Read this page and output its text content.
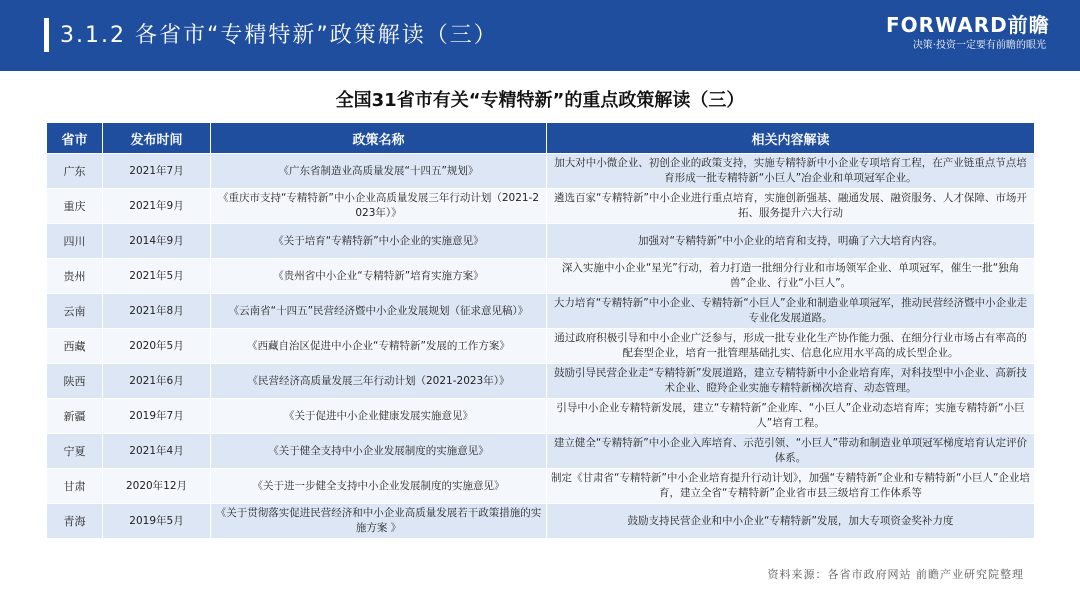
3.1.2 各省市“专精特新”政策解读（三）	FORWARD前瞻
决策·投资一定要有前瞻的眼光
全国31省市有关“专精特新”的重点政策解读（三）
省市	发布时间	政策名称	相关内容解读
广东	2021年7月	《广东省制造业高质量发展“十四五”规划》	加大对中小微企业、初创企业的政策支持，实施专精特新中小企业专项培育工程，在产业链重点节点培育形成一批专精特新“小巨人”冶企业和单项冠军企业。
重庆	2021年9月	《重庆市支持“专精特新”中小企业高质量发展三年行动计划（2021-2023年）》	遴选百家“专精特新”中小企业进行重点培育，实施创新强基、融通发展、融资服务、人才保障、市场开拓、服务提升六大行动
四川	2014年9月	《关于培育“专精特新”中小企业的实施意见》	加强对“专精特新”中小企业的培育和支持，明确了六大培育内容。
贵州	2021年5月	《贵州省中小企业“专精特新”培育实施方案》	深入实施中小企业“星光”行动，着力打造一批细分行业和市场领军企业、单项冠军，催生一批“独角兽”企业、行业“小巨人”。
云南	2021年8月	《云南省“十四五”民营经济暨中小企业发展规划（征求意见稿）》	大力培育“专精特新”中小企业、专精特新“小巨人”企业和制造业单项冠军，推动民营经济暨中小企业走专业化发展道路。
西藏	2020年5月	《西藏自治区促进中小企业“专精特新”发展的工作方案》	通过政府积极引导和中小企业广泛参与，形成一批专业化生产协作能力强、在细分行业市场占有率高的配套型企业，培育一批管理基础扎实、信息化应用水平高的成长型企业。
陕西	2021年6月	《民营经济高质量发展三年行动计划（2021-2023年）》	鼓励引导民营企业走“专精特新”发展道路，建立专精特新中小企业培育库，对科技型中小企业、高新技术企业、瞪羚企业实施专精特新梯次培育、动态管理。
新疆	2019年7月	《关于促进中小企业健康发展实施意见》	引导中小企业专精特新发展，建立“专精特新”企业库、“小巨人”企业动态培育库；实施专精特新“小巨人”培育工程。
宁夏	2021年4月	《关于健全支持中小企业发展制度的实施意见》	建立健全“专精特新”中小企业入库培育、示范引领、“小巨人”带动和制造业单项冠军梯度培育认定评价体系。
甘肃	2020年12月	《关于进一步健全支持中小企业发展制度的实施意见》	制定《甘肃省“专精特新”中小企业培育提升行动计划》，加强“专精特新”企业和专精特新“小巨人”企业培育，建立全省“专精特新”企业省市县三级培育工作体系等
青海	2019年5月	《关于贯彻落实促进民营经济和中小企业高质量发展若干政策措施的实施方案 》	鼓励支持民营企业和中小企业“专精特新”发展，加大专项资金奖补力度
资料来源：各省市政府网站 前瞻产业研究院整理
